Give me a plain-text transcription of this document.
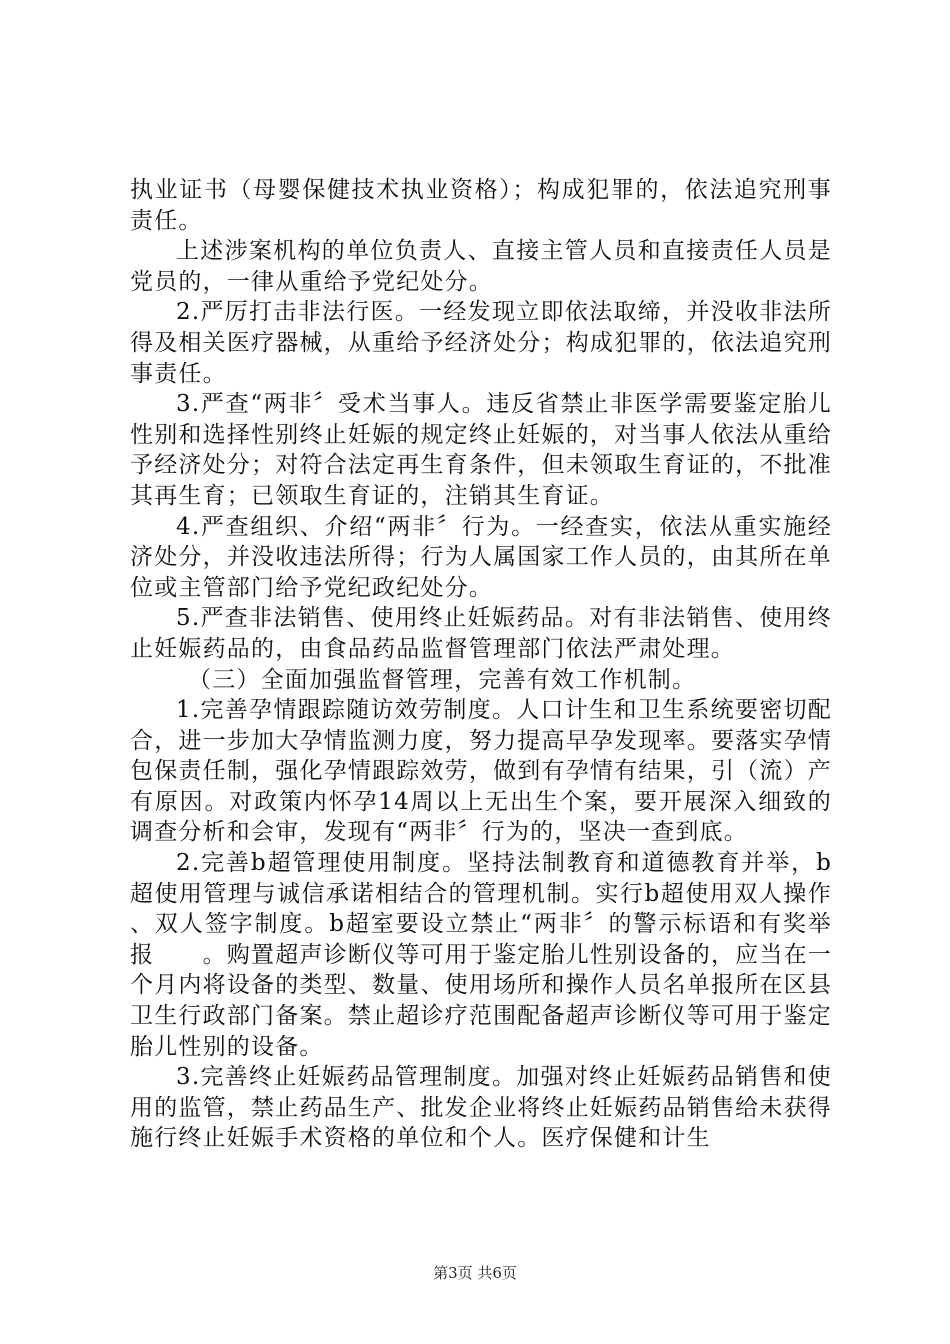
执业证书（母婴保健技术执业资格）；构成犯罪的，依法追究刑事责任。

上述涉案机构的单位负责人、直接主管人员和直接责任人员是党员的，一律从重给予党纪处分。

2.严厉打击非法行医。一经发现立即依法取缔，并没收非法所得及相关医疗器械，从重给予经济处分；构成犯罪的，依法追究刑事责任。

3.严查“两非〞受术当事人。违反省禁止非医学需要鉴定胎儿性别和选择性别终止妊娠的规定终止妊娠的，对当事人依法从重给予经济处分；对符合法定再生育条件，但未领取生育证的，不批准其再生育；已领取生育证的，注销其生育证。

4.严查组织、介绍“两非〞行为。一经查实，依法从重实施经济处分，并没收违法所得；行为人属国家工作人员的，由其所在单位或主管部门给予党纪政纪处分。

5.严查非法销售、使用终止妊娠药品。对有非法销售、使用终止妊娠药品的，由食品药品监督管理部门依法严肃处理。

（三）全面加强监督管理，完善有效工作机制。

1.完善孕情跟踪随访效劳制度。人口计生和卫生系统要密切配合，进一步加大孕情监测力度，努力提高早孕发现率。要落实孕情包保责任制，强化孕情跟踪效劳，做到有孕情有结果，引（流）产有原因。对政策内怀孕14周以上无出生个案，要开展深入细致的调查分析和会审，发现有“两非〞行为的，坚决一查到底。

2.完善b超管理使用制度。坚持法制教育和道德教育并举，b超使用管理与诚信承诺相结合的管理机制。实行b超使用双人操作、双人签字制度。b超室要设立禁止“两非〞的警示标语和有奖举报　　。购置超声诊断仪等可用于鉴定胎儿性别设备的，应当在一个月内将设备的类型、数量、使用场所和操作人员名单报所在区县卫生行政部门备案。禁止超诊疗范围配备超声诊断仪等可用于鉴定胎儿性别的设备。

3.完善终止妊娠药品管理制度。加强对终止妊娠药品销售和使用的监管，禁止药品生产、批发企业将终止妊娠药品销售给未获得施行终止妊娠手术资格的单位和个人。医疗保健和计生

第3页 共6页
